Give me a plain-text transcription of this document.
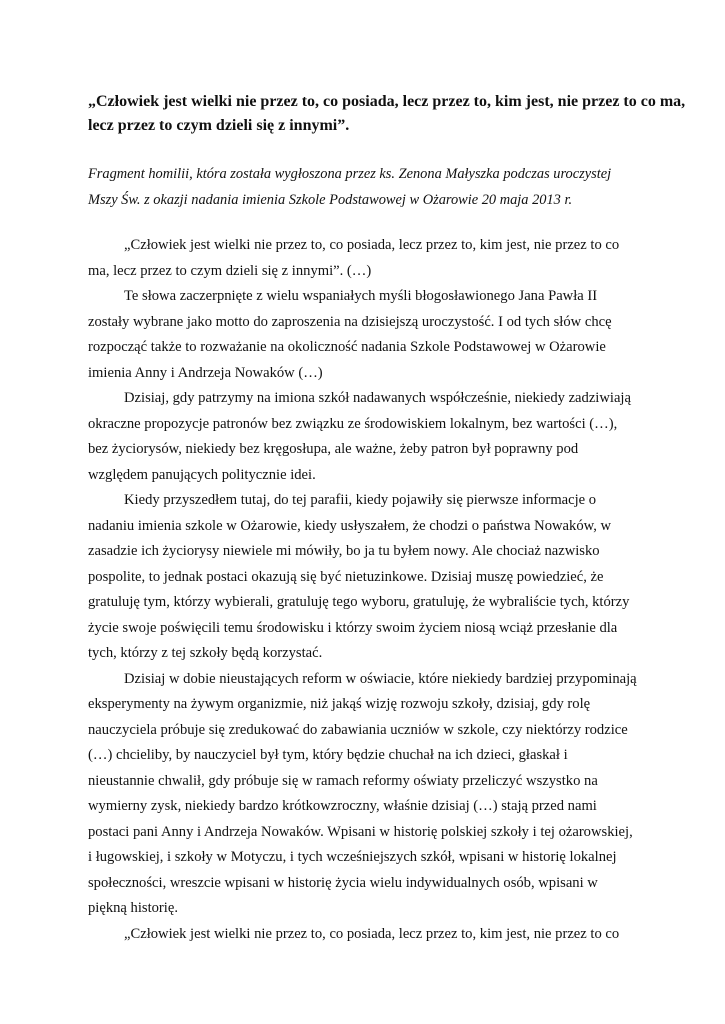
„Człowiek jest wielki nie przez to, co posiada, lecz przez to, kim jest, nie przez to co ma,
lecz przez to czym dzieli się z innymi”.

Fragment homilii, która została wygłoszona przez ks. Zenona Małyszka podczas uroczystej
Mszy Św. z okazji nadania imienia Szkole Podstawowej w Ożarowie 20 maja 2013 r.

„Człowiek jest wielki nie przez to, co posiada, lecz przez to, kim jest, nie przez to co
ma, lecz przez to czym dzieli się z innymi”. (…)

Te słowa zaczerpnięte z wielu wspaniałych myśli błogosławionego Jana Pawła II
zostały wybrane jako motto do zaproszenia na dzisiejszą uroczystość. I od tych słów chcę
rozpocząć także to rozważanie na okoliczność nadania Szkole Podstawowej w Ożarowie
imienia Anny i Andrzeja Nowaków (…)

Dzisiaj, gdy patrzymy na imiona szkół nadawanych współcześnie, niekiedy zadziwiają
okraczne propozycje patronów bez związku ze środowiskiem lokalnym, bez wartości (…),
bez życiorysów, niekiedy bez kręgosłupa, ale ważne, żeby patron był poprawny pod
względem panujących politycznie idei.

Kiedy przyszedłem tutaj, do tej parafii, kiedy pojawiły się pierwsze informacje o
nadaniu imienia szkole w Ożarowie, kiedy usłyszałem, że chodzi o państwa Nowaków, w
zasadzie ich życiorysy niewiele mi mówiły, bo ja tu byłem nowy. Ale chociaż nazwisko
pospolite, to jednak postaci okazują się być nietuzinkowe. Dzisiaj muszę powiedzieć, że
gratuluję tym, którzy wybierali, gratuluję tego wyboru, gratuluję, że wybraliście tych, którzy
życie swoje poświęcili temu środowisku i którzy swoim życiem niosą wciąż przesłanie dla
tych, którzy z tej szkoły będą korzystać.

Dzisiaj w dobie nieustających reform w oświacie, które niekiedy bardziej przypominają
eksperymenty na żywym organizmie, niż jakąś wizję rozwoju szkoły, dzisiaj, gdy rolę
nauczyciela próbuje się zredukować do zabawiania uczniów w szkole, czy niektórzy rodzice
(…) chcieliby, by nauczyciel był tym, który będzie chuchał na ich dzieci, głaskał i
nieustannie chwalił, gdy próbuje się w ramach reformy oświaty przeliczyć wszystko na
wymierny zysk, niekiedy bardzo krótkowzroczny, właśnie dzisiaj (…) stają przed nami
postaci pani Anny i Andrzeja Nowaków. Wpisani w historię polskiej szkoły i tej ożarowskiej,
i ługowskiej, i szkoły w Motyczu, i tych wcześniejszych szkół, wpisani w historię lokalnej
społeczności, wreszcie wpisani w historię życia wielu indywidualnych osób, wpisani w
piękną historię.

„Człowiek jest wielki nie przez to, co posiada, lecz przez to, kim jest, nie przez to co
